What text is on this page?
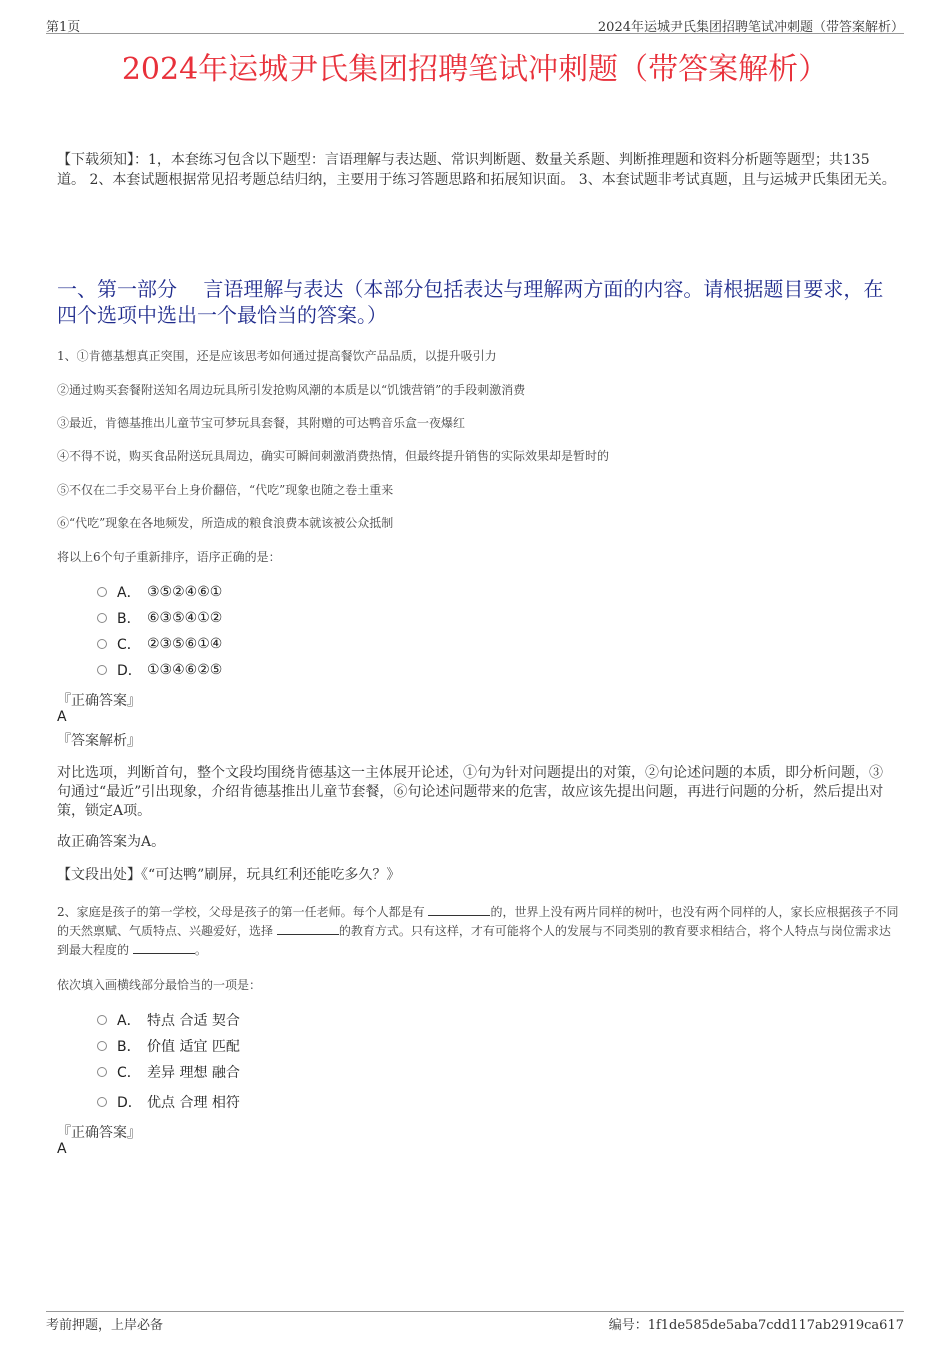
第1页	2024年运城尹氏集团招聘笔试冲刺题（带答案解析）
2024年运城尹氏集团招聘笔试冲刺题（带答案解析）
【下载须知】：1，本套练习包含以下题型：言语理解与表达题、常识判断题、数量关系题、判断推理题和资料分析题等题型；共135道。 2、本套试题根据常见招考题总结归纳，主要用于练习答题思路和拓展知识面。 3、本套试题非考试真题，且与运城尹氏集团无关。
一、第一部分　 言语理解与表达（本部分包括表达与理解两方面的内容。请根据题目要求，在四个选项中选出一个最恰当的答案。）
1、①肯德基想真正突围，还是应该思考如何通过提高餐饮产品品质，以提升吸引力
②通过购买套餐附送知名周边玩具所引发抢购风潮的本质是以“饥饿营销”的手段刺激消费
③最近，肯德基推出儿童节宝可梦玩具套餐，其附赠的可达鸭音乐盒一夜爆红
④不得不说，购买食品附送玩具周边，确实可瞬间刺激消费热情，但最终提升销售的实际效果却是暂时的
⑤不仅在二手交易平台上身价翻倍，“代吃”现象也随之卷土重来
⑥“代吃”现象在各地频发，所造成的粮食浪费本就该被公众抵制
将以上6个句子重新排序，语序正确的是：
A． ③⑤②④⑥①
B． ⑥③⑤④①②
C． ②③⑤⑥①④
D． ①③④⑥②⑤
『正确答案』
A
『答案解析』
对比选项，判断首句，整个文段均围绕肯德基这一主体展开论述，①句为针对问题提出的对策，②句论述问题的本质，即分析问题，③句通过“最近”引出现象，介绍肯德基推出儿童节套餐，⑥句论述问题带来的危害，故应该先提出问题，再进行问题的分析，然后提出对策，锁定A项。
故正确答案为A。
【文段出处】《“可达鸭”刷屏，玩具红利还能吃多久？》
2、家庭是孩子的第一学校，父母是孩子的第一任老师。每个人都是有	的，世界上没有两片同样的树叶，也没有两个同样的人，家长应根据孩子不同的天然禀赋、气质特点、兴趣爱好，选择	的教育方式。只有这样，才有可能将个人的发展与不同类别的教育要求相结合，将个人特点与岗位需求达到最大程度的	。
依次填入画横线部分最恰当的一项是：
A． 特点 合适 契合
B． 价值 适宜 匹配
C． 差异 理想 融合
D． 优点 合理 相符
『正确答案』
A
考前押题，上岸必备	编号：1f1de585de5aba7cdd117ab2919ca617
